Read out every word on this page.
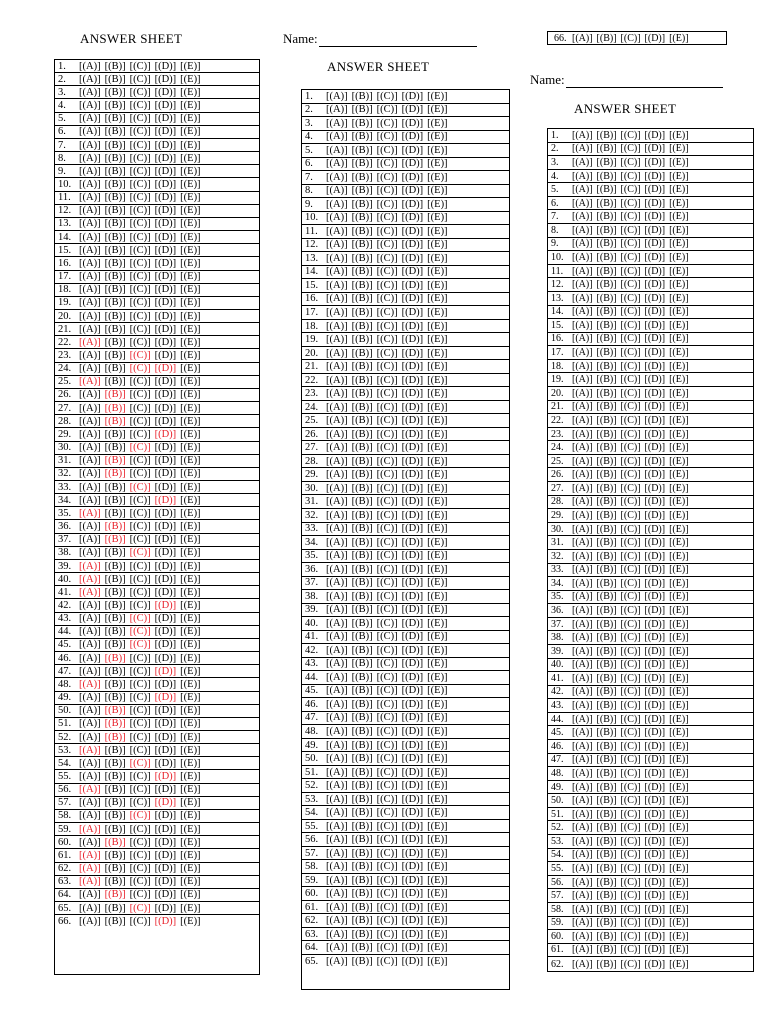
ANSWER SHEET	Name:
1.	[(A)] [(B)] [(C)] [(D)] [(E)]
2.	[(A)] [(B)] [(C)] [(D)] [(E)]
3.	[(A)] [(B)] [(C)] [(D)] [(E)]
4.	[(A)] [(B)] [(C)] [(D)] [(E)]
5.	[(A)] [(B)] [(C)] [(D)] [(E)]
6.	[(A)] [(B)] [(C)] [(D)] [(E)]
7.	[(A)] [(B)] [(C)] [(D)] [(E)]
8.	[(A)] [(B)] [(C)] [(D)] [(E)]
9.	[(A)] [(B)] [(C)] [(D)] [(E)]
10. [(A)] [(B)] [(C)] [(D)] [(E)]
11. [(A)] [(B)] [(C)] [(D)] [(E)]
12. [(A)] [(B)] [(C)] [(D)] [(E)]
13. [(A)] [(B)] [(C)] [(D)] [(E)]
14. [(A)] [(B)] [(C)] [(D)] [(E)]
15. [(A)] [(B)] [(C)] [(D)] [(E)]
16. [(A)] [(B)] [(C)] [(D)] [(E)]
17. [(A)] [(B)] [(C)] [(D)] [(E)]
18. [(A)] [(B)] [(C)] [(D)] [(E)]
19. [(A)] [(B)] [(C)] [(D)] [(E)]
20. [(A)] [(B)] [(C)] [(D)] [(E)]
21. [(A)] [(B)] [(C)] [(D)] [(E)]
22. [(A)] [(B)] [(C)] [(D)] [(E)]
23. [(A)] [(B)] [(C)] [(D)] [(E)]
24. [(A)] [(B)] [(C)] [(D)] [(E)]
25. [(A)] [(B)] [(C)] [(D)] [(E)]
26. [(A)] [(B)] [(C)] [(D)] [(E)]
27. [(A)] [(B)] [(C)] [(D)] [(E)]
28. [(A)] [(B)] [(C)] [(D)] [(E)]
29. [(A)] [(B)] [(C)] [(D)] [(E)]
30. [(A)] [(B)] [(C)] [(D)] [(E)]
31. [(A)] [(B)] [(C)] [(D)] [(E)]
32. [(A)] [(B)] [(C)] [(D)] [(E)]
33. [(A)] [(B)] [(C)] [(D)] [(E)]
34. [(A)] [(B)] [(C)] [(D)] [(E)]
35. [(A)] [(B)] [(C)] [(D)] [(E)]
36. [(A)] [(B)] [(C)] [(D)] [(E)]
37. [(A)] [(B)] [(C)] [(D)] [(E)]
38. [(A)] [(B)] [(C)] [(D)] [(E)]
39. [(A)] [(B)] [(C)] [(D)] [(E)]
40. [(A)] [(B)] [(C)] [(D)] [(E)]
41. [(A)] [(B)] [(C)] [(D)] [(E)]
42. [(A)] [(B)] [(C)] [(D)] [(E)]
43. [(A)] [(B)] [(C)] [(D)] [(E)]
44. [(A)] [(B)] [(C)] [(D)] [(E)]
45. [(A)] [(B)] [(C)] [(D)] [(E)]
46. [(A)] [(B)] [(C)] [(D)] [(E)]
47. [(A)] [(B)] [(C)] [(D)] [(E)]
48. [(A)] [(B)] [(C)] [(D)] [(E)]
49. [(A)] [(B)] [(C)] [(D)] [(E)]
50. [(A)] [(B)] [(C)] [(D)] [(E)]
51. [(A)] [(B)] [(C)] [(D)] [(E)]
52. [(A)] [(B)] [(C)] [(D)] [(E)]
53. [(A)] [(B)] [(C)] [(D)] [(E)]
54. [(A)] [(B)] [(C)] [(D)] [(E)]
55. [(A)] [(B)] [(C)] [(D)] [(E)]
56. [(A)] [(B)] [(C)] [(D)] [(E)]
57. [(A)] [(B)] [(C)] [(D)] [(E)]
58. [(A)] [(B)] [(C)] [(D)] [(E)]
59. [(A)] [(B)] [(C)] [(D)] [(E)]
60. [(A)] [(B)] [(C)] [(D)] [(E)]
61. [(A)] [(B)] [(C)] [(D)] [(E)]
62. [(A)] [(B)] [(C)] [(D)] [(E)]
63. [(A)] [(B)] [(C)] [(D)] [(E)]
64. [(A)] [(B)] [(C)] [(D)] [(E)]
65. [(A)] [(B)] [(C)] [(D)] [(E)]
66. [(A)] [(B)] [(C)] [(D)] [(E)]
ANSWER SHEET
1.	[(A)] [(B)] [(C)] [(D)] [(E)]
2.	[(A)] [(B)] [(C)] [(D)] [(E)]
3.	[(A)] [(B)] [(C)] [(D)] [(E)]
4.	[(A)] [(B)] [(C)] [(D)] [(E)]
5.	[(A)] [(B)] [(C)] [(D)] [(E)]
6.	[(A)] [(B)] [(C)] [(D)] [(E)]
7.	[(A)] [(B)] [(C)] [(D)] [(E)]
8.	[(A)] [(B)] [(C)] [(D)] [(E)]
9.	[(A)] [(B)] [(C)] [(D)] [(E)]
10. [(A)] [(B)] [(C)] [(D)] [(E)]
11. [(A)] [(B)] [(C)] [(D)] [(E)]
12. [(A)] [(B)] [(C)] [(D)] [(E)]
13. [(A)] [(B)] [(C)] [(D)] [(E)]
14. [(A)] [(B)] [(C)] [(D)] [(E)]
15. [(A)] [(B)] [(C)] [(D)] [(E)]
16. [(A)] [(B)] [(C)] [(D)] [(E)]
17. [(A)] [(B)] [(C)] [(D)] [(E)]
18. [(A)] [(B)] [(C)] [(D)] [(E)]
19. [(A)] [(B)] [(C)] [(D)] [(E)]
20. [(A)] [(B)] [(C)] [(D)] [(E)]
21. [(A)] [(B)] [(C)] [(D)] [(E)]
22. [(A)] [(B)] [(C)] [(D)] [(E)]
23. [(A)] [(B)] [(C)] [(D)] [(E)]
24. [(A)] [(B)] [(C)] [(D)] [(E)]
25. [(A)] [(B)] [(C)] [(D)] [(E)]
26. [(A)] [(B)] [(C)] [(D)] [(E)]
27. [(A)] [(B)] [(C)] [(D)] [(E)]
28. [(A)] [(B)] [(C)] [(D)] [(E)]
29. [(A)] [(B)] [(C)] [(D)] [(E)]
30. [(A)] [(B)] [(C)] [(D)] [(E)]
31. [(A)] [(B)] [(C)] [(D)] [(E)]
32. [(A)] [(B)] [(C)] [(D)] [(E)]
33. [(A)] [(B)] [(C)] [(D)] [(E)]
34. [(A)] [(B)] [(C)] [(D)] [(E)]
35. [(A)] [(B)] [(C)] [(D)] [(E)]
36. [(A)] [(B)] [(C)] [(D)] [(E)]
37. [(A)] [(B)] [(C)] [(D)] [(E)]
38. [(A)] [(B)] [(C)] [(D)] [(E)]
39. [(A)] [(B)] [(C)] [(D)] [(E)]
40. [(A)] [(B)] [(C)] [(D)] [(E)]
41. [(A)] [(B)] [(C)] [(D)] [(E)]
42. [(A)] [(B)] [(C)] [(D)] [(E)]
43. [(A)] [(B)] [(C)] [(D)] [(E)]
44. [(A)] [(B)] [(C)] [(D)] [(E)]
45. [(A)] [(B)] [(C)] [(D)] [(E)]
46. [(A)] [(B)] [(C)] [(D)] [(E)]
47. [(A)] [(B)] [(C)] [(D)] [(E)]
48. [(A)] [(B)] [(C)] [(D)] [(E)]
49. [(A)] [(B)] [(C)] [(D)] [(E)]
50. [(A)] [(B)] [(C)] [(D)] [(E)]
51. [(A)] [(B)] [(C)] [(D)] [(E)]
52. [(A)] [(B)] [(C)] [(D)] [(E)]
53. [(A)] [(B)] [(C)] [(D)] [(E)]
54. [(A)] [(B)] [(C)] [(D)] [(E)]
55. [(A)] [(B)] [(C)] [(D)] [(E)]
56. [(A)] [(B)] [(C)] [(D)] [(E)]
57. [(A)] [(B)] [(C)] [(D)] [(E)]
58. [(A)] [(B)] [(C)] [(D)] [(E)]
59. [(A)] [(B)] [(C)] [(D)] [(E)]
60. [(A)] [(B)] [(C)] [(D)] [(E)]
61. [(A)] [(B)] [(C)] [(D)] [(E)]
62. [(A)] [(B)] [(C)] [(D)] [(E)]
63. [(A)] [(B)] [(C)] [(D)] [(E)]
64. [(A)] [(B)] [(C)] [(D)] [(E)]
65. [(A)] [(B)] [(C)] [(D)] [(E)]
66. [(A)] [(B)] [(C)] [(D)] [(E)]
Name:
ANSWER SHEET
1.	[(A)] [(B)] [(C)] [(D)] [(E)]
2.	[(A)] [(B)] [(C)] [(D)] [(E)]
3.	[(A)] [(B)] [(C)] [(D)] [(E)]
4.	[(A)] [(B)] [(C)] [(D)] [(E)]
5.	[(A)] [(B)] [(C)] [(D)] [(E)]
6.	[(A)] [(B)] [(C)] [(D)] [(E)]
7.	[(A)] [(B)] [(C)] [(D)] [(E)]
8.	[(A)] [(B)] [(C)] [(D)] [(E)]
9.	[(A)] [(B)] [(C)] [(D)] [(E)]
10. [(A)] [(B)] [(C)] [(D)] [(E)]
11. [(A)] [(B)] [(C)] [(D)] [(E)]
12. [(A)] [(B)] [(C)] [(D)] [(E)]
13. [(A)] [(B)] [(C)] [(D)] [(E)]
14. [(A)] [(B)] [(C)] [(D)] [(E)]
15. [(A)] [(B)] [(C)] [(D)] [(E)]
16. [(A)] [(B)] [(C)] [(D)] [(E)]
17. [(A)] [(B)] [(C)] [(D)] [(E)]
18. [(A)] [(B)] [(C)] [(D)] [(E)]
19. [(A)] [(B)] [(C)] [(D)] [(E)]
20. [(A)] [(B)] [(C)] [(D)] [(E)]
21. [(A)] [(B)] [(C)] [(D)] [(E)]
22. [(A)] [(B)] [(C)] [(D)] [(E)]
23. [(A)] [(B)] [(C)] [(D)] [(E)]
24. [(A)] [(B)] [(C)] [(D)] [(E)]
25. [(A)] [(B)] [(C)] [(D)] [(E)]
26. [(A)] [(B)] [(C)] [(D)] [(E)]
27. [(A)] [(B)] [(C)] [(D)] [(E)]
28. [(A)] [(B)] [(C)] [(D)] [(E)]
29. [(A)] [(B)] [(C)] [(D)] [(E)]
30. [(A)] [(B)] [(C)] [(D)] [(E)]
31. [(A)] [(B)] [(C)] [(D)] [(E)]
32. [(A)] [(B)] [(C)] [(D)] [(E)]
33. [(A)] [(B)] [(C)] [(D)] [(E)]
34. [(A)] [(B)] [(C)] [(D)] [(E)]
35. [(A)] [(B)] [(C)] [(D)] [(E)]
36. [(A)] [(B)] [(C)] [(D)] [(E)]
37. [(A)] [(B)] [(C)] [(D)] [(E)]
38. [(A)] [(B)] [(C)] [(D)] [(E)]
39. [(A)] [(B)] [(C)] [(D)] [(E)]
40. [(A)] [(B)] [(C)] [(D)] [(E)]
41. [(A)] [(B)] [(C)] [(D)] [(E)]
42. [(A)] [(B)] [(C)] [(D)] [(E)]
43. [(A)] [(B)] [(C)] [(D)] [(E)]
44. [(A)] [(B)] [(C)] [(D)] [(E)]
45. [(A)] [(B)] [(C)] [(D)] [(E)]
46. [(A)] [(B)] [(C)] [(D)] [(E)]
47. [(A)] [(B)] [(C)] [(D)] [(E)]
48. [(A)] [(B)] [(C)] [(D)] [(E)]
49. [(A)] [(B)] [(C)] [(D)] [(E)]
50. [(A)] [(B)] [(C)] [(D)] [(E)]
51. [(A)] [(B)] [(C)] [(D)] [(E)]
52. [(A)] [(B)] [(C)] [(D)] [(E)]
53. [(A)] [(B)] [(C)] [(D)] [(E)]
54. [(A)] [(B)] [(C)] [(D)] [(E)]
55. [(A)] [(B)] [(C)] [(D)] [(E)]
56. [(A)] [(B)] [(C)] [(D)] [(E)]
57. [(A)] [(B)] [(C)] [(D)] [(E)]
58. [(A)] [(B)] [(C)] [(D)] [(E)]
59. [(A)] [(B)] [(C)] [(D)] [(E)]
60. [(A)] [(B)] [(C)] [(D)] [(E)]
61. [(A)] [(B)] [(C)] [(D)] [(E)]
62. [(A)] [(B)] [(C)] [(D)] [(E)]
